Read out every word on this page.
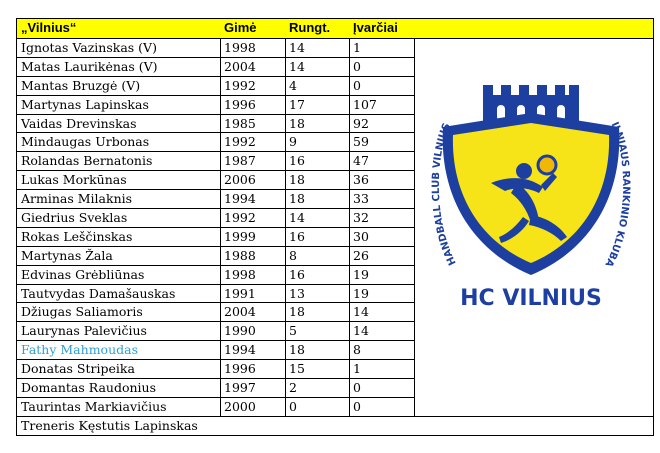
„Vilnius“	Gimė Rungt. Įvarčiai
Ignotas Vazinskas (V)	1998	14	1
Matas Laurikėnas (V)	2004	14	0
Mantas Bruzgė (V)	1992	4	0
Martynas Lapinskas	1996	17	107
Vaidas Drevinskas	1985	18	92
Mindaugas Urbonas	1992	9	59
Rolandas Bernatonis	1987	16	47
Lukas Morkūnas	2006	18	36
Arminas Milaknis	1994	18	33
Giedrius Sveklas	1992	14	32
Rokas Leščinskas	1999	16	30
Martynas Žala	1988	8	26
Edvinas Grėbliūnas	1998	16	19
Tautvydas Damašauskas	1991	13	19
Džiugas Saliamoris	2004	18	14
Laurynas Palevičius	1990	5	14
Fathy Mahmoudas	1994	18	8
Donatas Stripeika	1996	15	1
Domantas Raudonius	1997	2	0
Taurintas Markiavičius	2000	0	0
Treneris Kęstutis Lapinskas
HANDBALL CLUB VILNIUS	ILNIAUS RANKINIO KLUBA
HC VILNIUS
